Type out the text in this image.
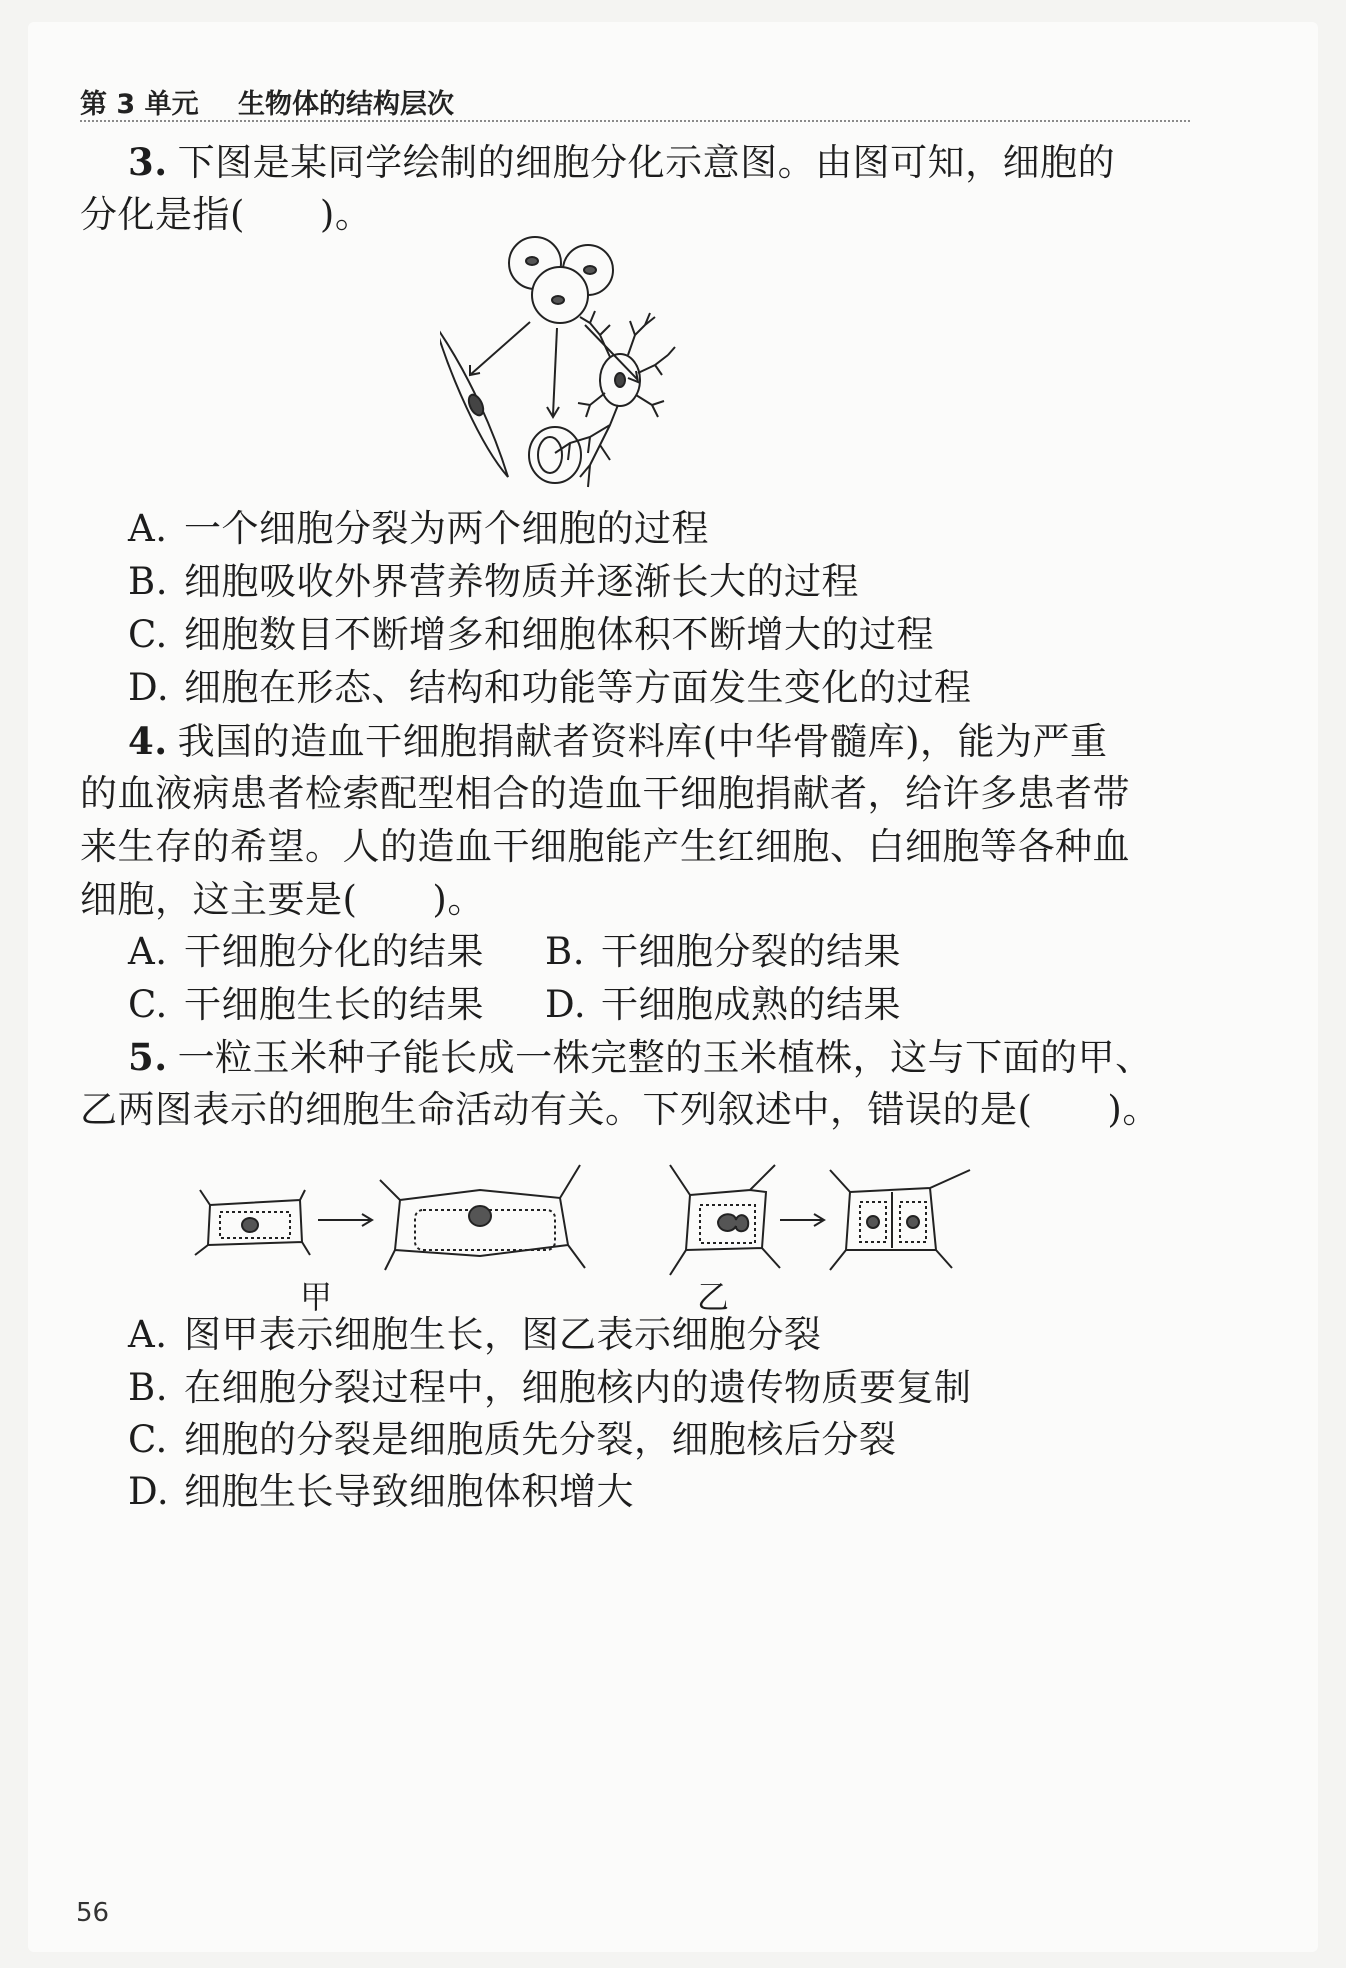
第 3 单元 生物体的结构层次
3. 下图是某同学绘制的细胞分化示意图。由图可知，细胞的
分化是指(　　)。
A. 一个细胞分裂为两个细胞的过程
B. 细胞吸收外界营养物质并逐渐长大的过程
C. 细胞数目不断增多和细胞体积不断增大的过程
D. 细胞在形态、结构和功能等方面发生变化的过程
4. 我国的造血干细胞捐献者资料库(中华骨髓库)，能为严重
的血液病患者检索配型相合的造血干细胞捐献者，给许多患者带
来生存的希望。人的造血干细胞能产生红细胞、白细胞等各种血
细胞，这主要是(　　)。
A. 干细胞分化的结果 B. 干细胞分裂的结果
C. 干细胞生长的结果 D. 干细胞成熟的结果
5. 一粒玉米种子能长成一株完整的玉米植株，这与下面的甲、
乙两图表示的细胞生命活动有关。下列叙述中，错误的是(　　)。
甲	乙
A. 图甲表示细胞生长，图乙表示细胞分裂
B. 在细胞分裂过程中，细胞核内的遗传物质要复制
C. 细胞的分裂是细胞质先分裂，细胞核后分裂
D. 细胞生长导致细胞体积增大
56
